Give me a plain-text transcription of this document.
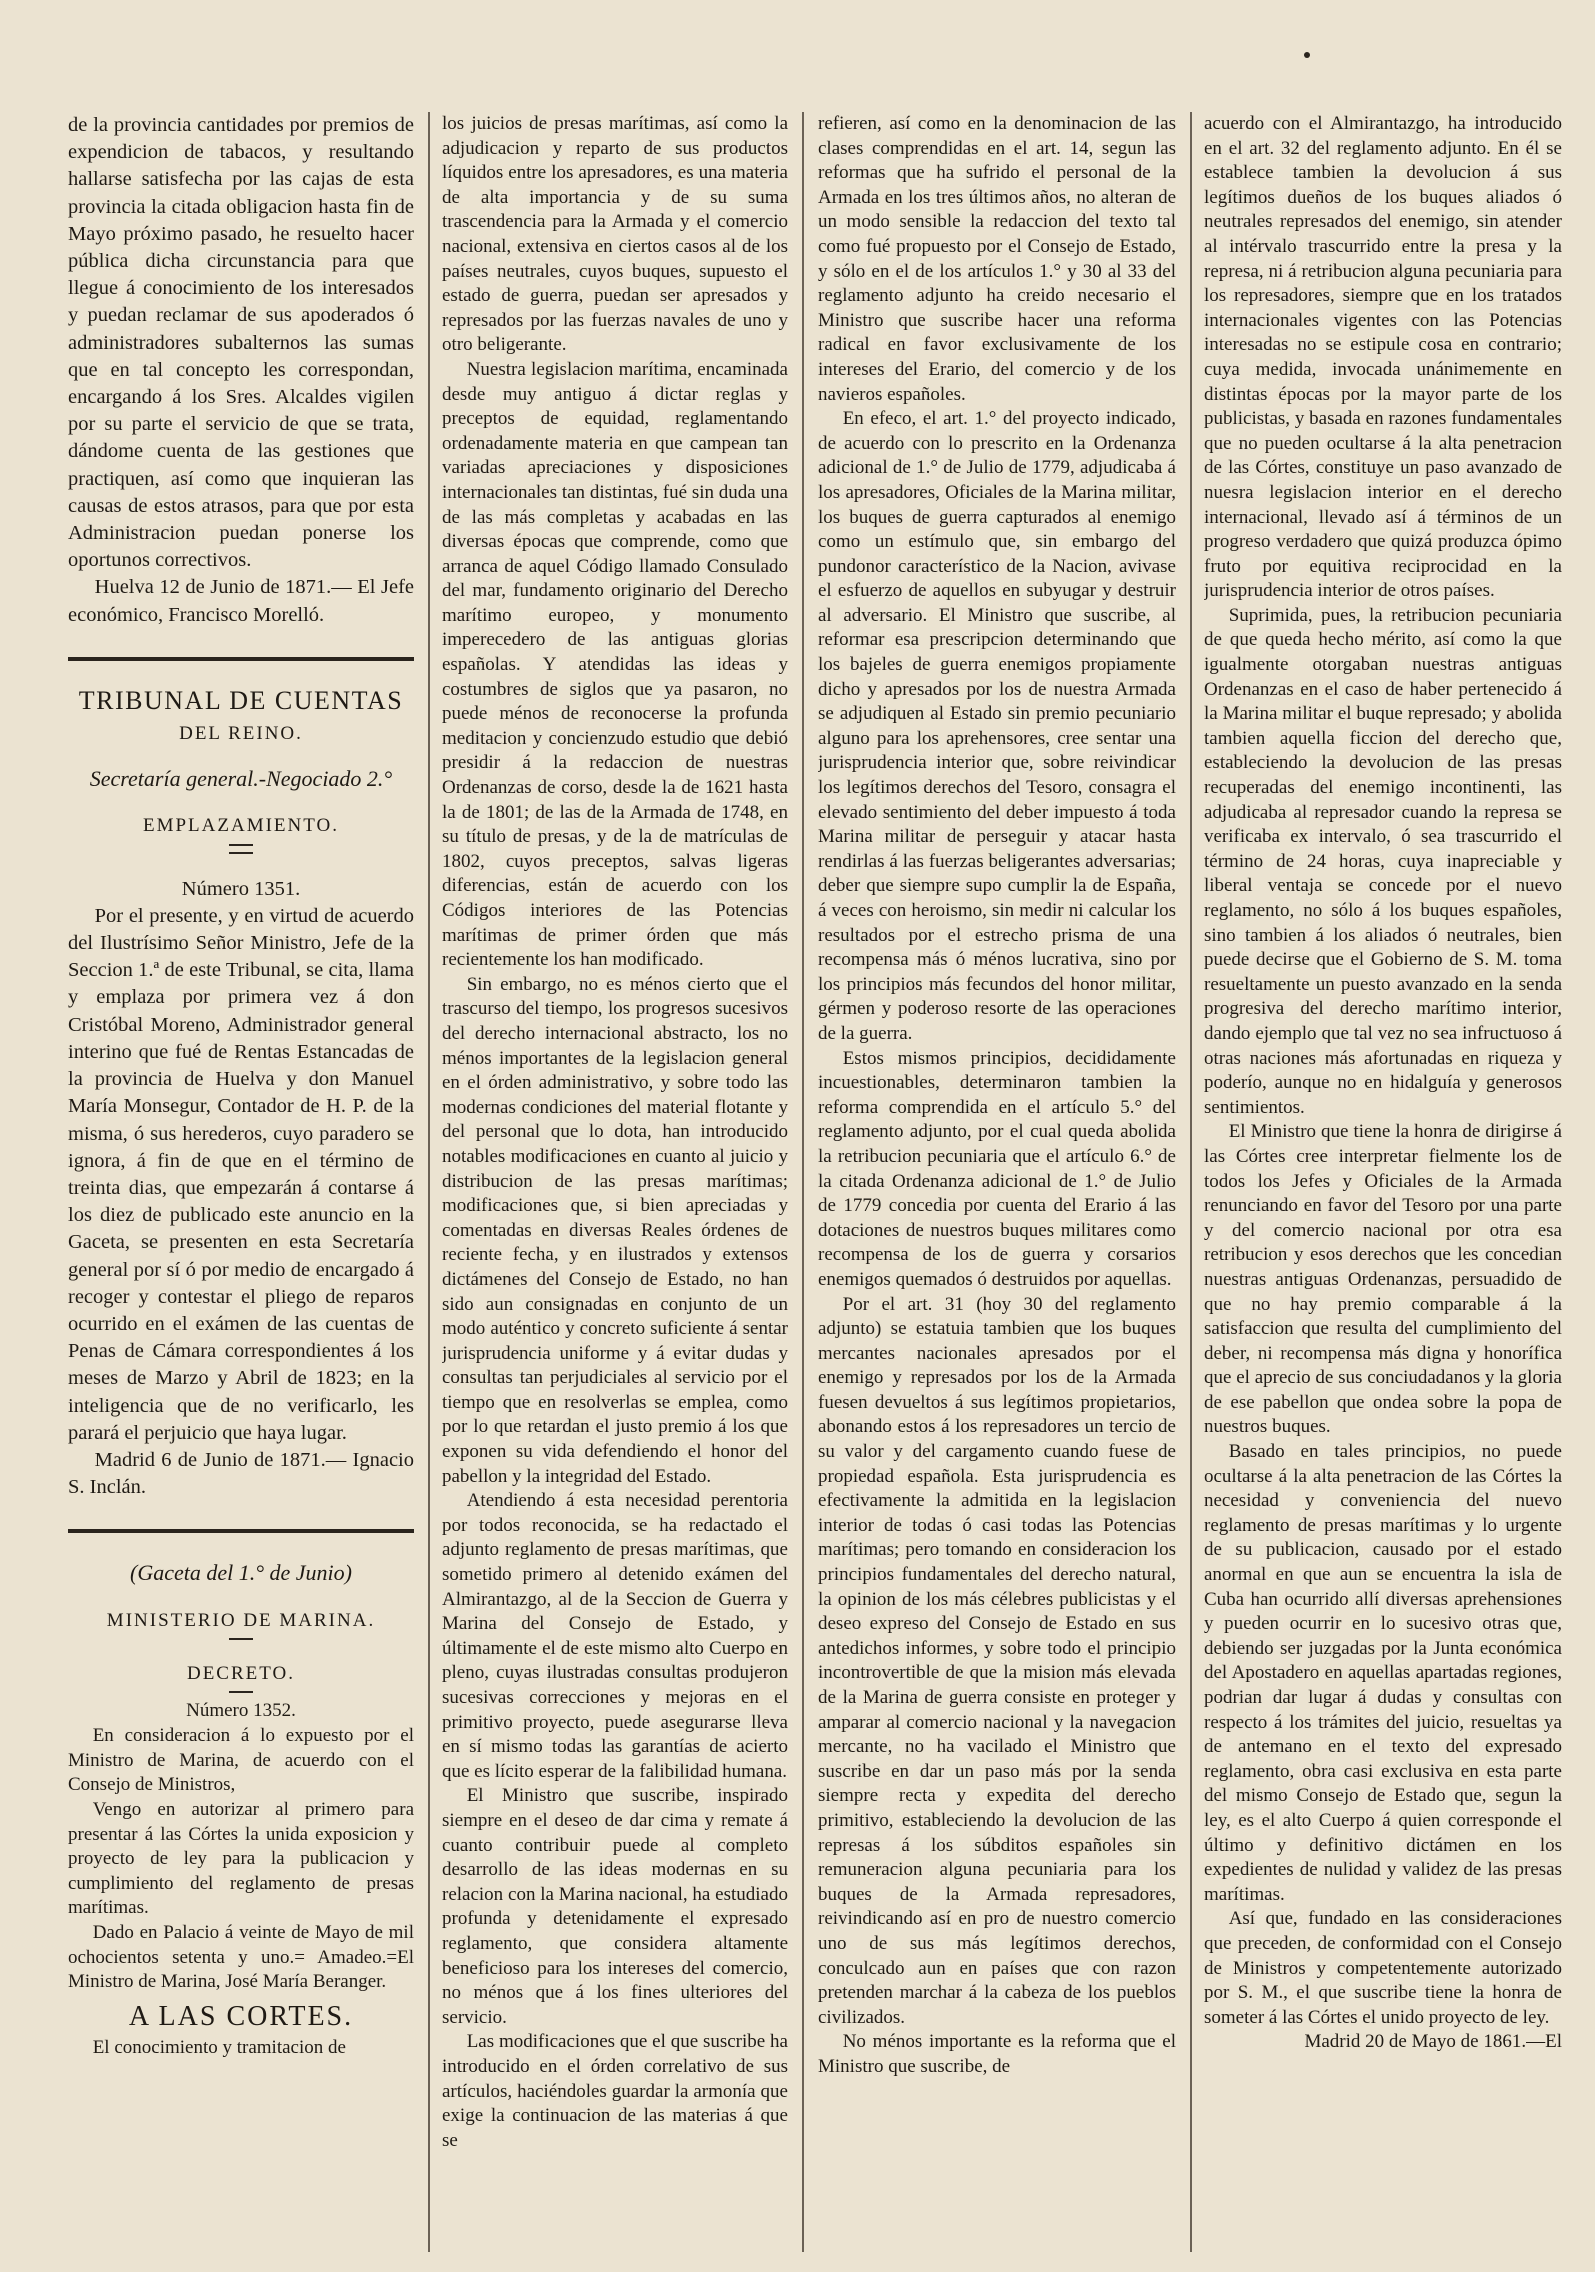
de la provincia cantidades por premios de expendicion de tabacos, y resultando hallarse satisfecha por las cajas de esta provincia la citada obligacion hasta fin de Mayo próximo pasado, he resuelto hacer pública dicha circunstancia para que llegue á conocimiento de los interesados y puedan reclamar de sus apoderados ó administradores subalternos las sumas que en tal concepto les correspondan, encargando á los Sres. Alcaldes vigilen por su parte el servicio de que se trata, dándome cuenta de las gestiones que practiquen, así como que inquieran las causas de estos atrasos, para que por esta Administracion puedan ponerse los oportunos correctivos.

Huelva 12 de Junio de 1871.— El Jefe económico, Francisco Morelló.

TRIBUNAL DE CUENTAS
DEL REINO.
Secretaría general.-Negociado 2.°
EMPLAZAMIENTO.
Número 1351.

Por el presente, y en virtud de acuerdo del Ilustrísimo Señor Ministro, Jefe de la Seccion 1.ª de este Tribunal, se cita, llama y emplaza por primera vez á don Cristóbal Moreno, Administrador general interino que fué de Rentas Estancadas de la provincia de Huelva y don Manuel María Monsegur, Contador de H. P. de la misma, ó sus herederos, cuyo paradero se ignora, á fin de que en el término de treinta dias, que empezarán á contarse á los diez de publicado este anuncio en la Gaceta, se presenten en esta Secretaría general por sí ó por medio de encargado á recoger y contestar el pliego de reparos ocurrido en el exámen de las cuentas de Penas de Cámara correspondientes á los meses de Marzo y Abril de 1823; en la inteligencia que de no verificarlo, les parará el perjuicio que haya lugar.

Madrid 6 de Junio de 1871.— Ignacio S. Inclán.

(Gaceta del 1.° de Junio)
MINISTERIO DE MARINA.
DECRETO.
Número 1352.

En consideracion á lo expuesto por el Ministro de Marina, de acuerdo con el Consejo de Ministros,

Vengo en autorizar al primero para presentar á las Córtes la unida exposicion y proyecto de ley para la publicacion y cumplimiento del reglamento de presas marítimas.

Dado en Palacio á veinte de Mayo de mil ochocientos setenta y uno.= Amadeo.=El Ministro de Marina, José María Beranger.

A LAS CORTES.

El conocimiento y tramitacion de

los juicios de presas marítimas, así como la adjudicacion y reparto de sus productos líquidos entre los apresadores, es una materia de alta importancia y de su suma trascendencia para la Armada y el comercio nacional, extensiva en ciertos casos al de los países neutrales, cuyos buques, supuesto el estado de guerra, puedan ser apresados y represados por las fuerzas navales de uno y otro beligerante.

Nuestra legislacion marítima, encaminada desde muy antiguo á dictar reglas y preceptos de equidad, reglamentando ordenadamente materia en que campean tan variadas apreciaciones y disposiciones internacionales tan distintas, fué sin duda una de las más completas y acabadas en las diversas épocas que comprende, como que arranca de aquel Código llamado Consulado del mar, fundamento originario del Derecho marítimo europeo, y monumento imperecedero de las antiguas glorias españolas. Y atendidas las ideas y costumbres de siglos que ya pasaron, no puede ménos de reconocerse la profunda meditacion y concienzudo estudio que debió presidir á la redaccion de nuestras Ordenanzas de corso, desde la de 1621 hasta la de 1801; de las de la Armada de 1748, en su título de presas, y de la de matrículas de 1802, cuyos preceptos, salvas ligeras diferencias, están de acuerdo con los Códigos interiores de las Potencias marítimas de primer órden que más recientemente los han modificado.

Sin embargo, no es ménos cierto que el trascurso del tiempo, los progresos sucesivos del derecho internacional abstracto, los no ménos importantes de la legislacion general en el órden administrativo, y sobre todo las modernas condiciones del material flotante y del personal que lo dota, han introducido notables modificaciones en cuanto al juicio y distribucion de las presas marítimas; modificaciones que, si bien apreciadas y comentadas en diversas Reales órdenes de reciente fecha, y en ilustrados y extensos dictámenes del Consejo de Estado, no han sido aun consignadas en conjunto de un modo auténtico y concreto suficiente á sentar jurisprudencia uniforme y á evitar dudas y consultas tan perjudiciales al servicio por el tiempo que en resolverlas se emplea, como por lo que retardan el justo premio á los que exponen su vida defendiendo el honor del pabellon y la integridad del Estado.

Atendiendo á esta necesidad perentoria por todos reconocida, se ha redactado el adjunto reglamento de presas marítimas, que sometido primero al detenido exámen del Almirantazgo, al de la Seccion de Guerra y Marina del Consejo de Estado, y últimamente el de este mismo alto Cuerpo en pleno, cuyas ilustradas consultas produjeron sucesivas correcciones y mejoras en el primitivo proyecto, puede asegurarse lleva en sí mismo todas las garantías de acierto que es lícito esperar de la falibilidad humana.

El Ministro que suscribe, inspirado siempre en el deseo de dar cima y remate á cuanto contribuir puede al completo desarrollo de las ideas modernas en su relacion con la Marina nacional, ha estudiado profunda y detenidamente el expresado reglamento, que considera altamente beneficioso para los intereses del comercio, no ménos que á los fines ulteriores del servicio.

Las modificaciones que el que suscribe ha introducido en el órden correlativo de sus artículos, haciéndoles guardar la armonía que exige la continuacion de las materias á que se

refieren, así como en la denominacion de las clases comprendidas en el art. 14, segun las reformas que ha sufrido el personal de la Armada en los tres últimos años, no alteran de un modo sensible la redaccion del texto tal como fué propuesto por el Consejo de Estado, y sólo en el de los artículos 1.° y 30 al 33 del reglamento adjunto ha creido necesario el Ministro que suscribe hacer una reforma radical en favor exclusivamente de los intereses del Erario, del comercio y de los navieros españoles.

En efeco, el art. 1.° del proyecto indicado, de acuerdo con lo prescrito en la Ordenanza adicional de 1.° de Julio de 1779, adjudicaba á los apresadores, Oficiales de la Marina militar, los buques de guerra capturados al enemigo como un estímulo que, sin embargo del pundonor característico de la Nacion, avivase el esfuerzo de aquellos en subyugar y destruir al adversario. El Ministro que suscribe, al reformar esa prescripcion determinando que los bajeles de guerra enemigos propiamente dicho y apresados por los de nuestra Armada se adjudiquen al Estado sin premio pecuniario alguno para los aprehensores, cree sentar una jurisprudencia interior que, sobre reivindicar los legítimos derechos del Tesoro, consagra el elevado sentimiento del deber impuesto á toda Marina militar de perseguir y atacar hasta rendirlas á las fuerzas beligerantes adversarias; deber que siempre supo cumplir la de España, á veces con heroismo, sin medir ni calcular los resultados por el estrecho prisma de una recompensa más ó ménos lucrativa, sino por los principios más fecundos del honor militar, gérmen y poderoso resorte de las operaciones de la guerra.

Estos mismos principios, decididamente incuestionables, determinaron tambien la reforma comprendida en el artículo 5.° del reglamento adjunto, por el cual queda abolida la retribucion pecuniaria que el artículo 6.° de la citada Ordenanza adicional de 1.° de Julio de 1779 concedia por cuenta del Erario á las dotaciones de nuestros buques militares como recompensa de los de guerra y corsarios enemigos quemados ó destruidos por aquellas.

Por el art. 31 (hoy 30 del reglamento adjunto) se estatuia tambien que los buques mercantes nacionales apresados por el enemigo y represados por los de la Armada fuesen devueltos á sus legítimos propietarios, abonando estos á los represadores un tercio de su valor y del cargamento cuando fuese de propiedad española. Esta jurisprudencia es efectivamente la admitida en la legislacion interior de todas ó casi todas las Potencias marítimas; pero tomando en consideracion los principios fundamentales del derecho natural, la opinion de los más célebres publicistas y el deseo expreso del Consejo de Estado en sus antedichos informes, y sobre todo el principio incontrovertible de que la mision más elevada de la Marina de guerra consiste en proteger y amparar al comercio nacional y la navegacion mercante, no ha vacilado el Ministro que suscribe en dar un paso más por la senda siempre recta y expedita del derecho primitivo, estableciendo la devolucion de las represas á los súbditos españoles sin remuneracion alguna pecuniaria para los buques de la Armada represadores, reivindicando así en pro de nuestro comercio uno de sus más legítimos derechos, conculcado aun en países que con razon pretenden marchar á la cabeza de los pueblos civilizados.

No ménos importante es la reforma que el Ministro que suscribe, de

acuerdo con el Almirantazgo, ha introducido en el art. 32 del reglamento adjunto. En él se establece tambien la devolucion á sus legítimos dueños de los buques aliados ó neutrales represados del enemigo, sin atender al intérvalo trascurrido entre la presa y la represa, ni á retribucion alguna pecuniaria para los represadores, siempre que en los tratados internacionales vigentes con las Potencias interesadas no se estipule cosa en contrario; cuya medida, invocada unánimemente en distintas épocas por la mayor parte de los publicistas, y basada en razones fundamentales que no pueden ocultarse á la alta penetracion de las Córtes, constituye un paso avanzado de nuesra legislacion interior en el derecho internacional, llevado así á términos de un progreso verdadero que quizá produzca ópimo fruto por equitiva reciprocidad en la jurisprudencia interior de otros países.

Suprimida, pues, la retribucion pecuniaria de que queda hecho mérito, así como la que igualmente otorgaban nuestras antiguas Ordenanzas en el caso de haber pertenecido á la Marina militar el buque represado; y abolida tambien aquella ficcion del derecho que, estableciendo la devolucion de las presas recuperadas del enemigo incontinenti, las adjudicaba al represador cuando la represa se verificaba ex intervalo, ó sea trascurrido el término de 24 horas, cuya inapreciable y liberal ventaja se concede por el nuevo reglamento, no sólo á los buques españoles, sino tambien á los aliados ó neutrales, bien puede decirse que el Gobierno de S. M. toma resueltamente un puesto avanzado en la senda progresiva del derecho marítimo interior, dando ejemplo que tal vez no sea infructuoso á otras naciones más afortunadas en riqueza y poderío, aunque no en hidalguía y generosos sentimientos.

El Ministro que tiene la honra de dirigirse á las Córtes cree interpretar fielmente los de todos los Jefes y Oficiales de la Armada renunciando en favor del Tesoro por una parte y del comercio nacional por otra esa retribucion y esos derechos que les concedian nuestras antiguas Ordenanzas, persuadido de que no hay premio comparable á la satisfaccion que resulta del cumplimiento del deber, ni recompensa más digna y honorífica que el aprecio de sus conciudadanos y la gloria de ese pabellon que ondea sobre la popa de nuestros buques.

Basado en tales principios, no puede ocultarse á la alta penetracion de las Córtes la necesidad y conveniencia del nuevo reglamento de presas marítimas y lo urgente de su publicacion, causado por el estado anormal en que aun se encuentra la isla de Cuba han ocurrido allí diversas aprehensiones y pueden ocurrir en lo sucesivo otras que, debiendo ser juzgadas por la Junta económica del Apostadero en aquellas apartadas regiones, podrian dar lugar á dudas y consultas con respecto á los trámites del juicio, resueltas ya de antemano en el texto del expresado reglamento, obra casi exclusiva en esta parte del mismo Consejo de Estado que, segun la ley, es el alto Cuerpo á quien corresponde el último y definitivo dictámen en los expedientes de nulidad y validez de las presas marítimas.

Así que, fundado en las consideraciones que preceden, de conformidad con el Consejo de Ministros y competentemente autorizado por S. M., el que suscribe tiene la honra de someter á las Córtes el unido proyecto de ley.

Madrid 20 de Mayo de 1861.—El
